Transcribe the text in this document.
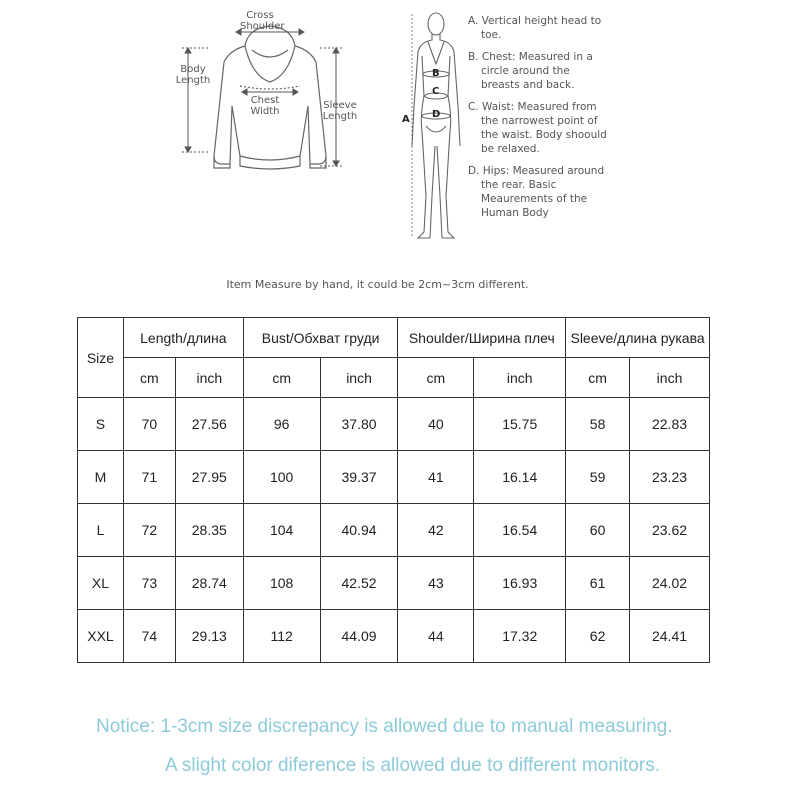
Cross
Shoulder
Body
Length
Chest
Width
Sleeve
Length	A
B
C
D
A. Vertical height head to toe.
B. Chest: Measured in a circle around the breasts and back.
C. Waist: Measured from the narrowest point of the waist. Body shoould be relaxed.
D. Hips: Measured around the rear. Basic Meaurements of the Human Body
Item Measure by hand, it could be 2cm~3cm different.
Size	Length/длина		Bust/Обхват груди		Shoulder/Ширина плеч		Sleeve/длина рукава	
	cm	inch	cm	inch	cm	inch	cm	inch
S	70	27.56	96	37.80	40	15.75	58	22.83
M	71	27.95	100	39.37	41	16.14	59	23.23
L	72	28.35	104	40.94	42	16.54	60	23.62
XL	73	28.74	108	42.52	43	16.93	61	24.02
XXL	74	29.13	112	44.09	44	17.32	62	24.41
Notice: 1-3cm size discrepancy is allowed due to manual measuring.
A slight color diference is allowed due to different monitors.
